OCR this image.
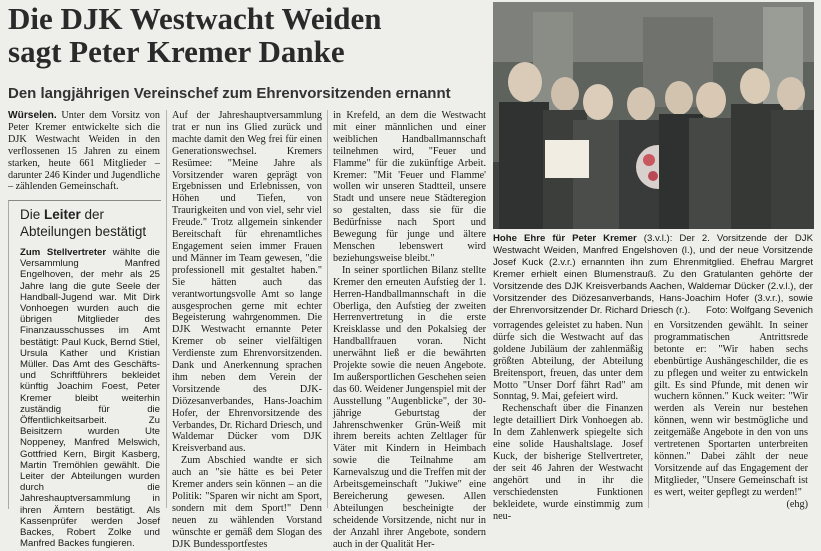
Die DJK Westwacht Weiden
sagt Peter Kremer Danke
Den langjährigen Vereinschef zum Ehrenvorsitzenden ernannt

Würselen. Unter dem Vorsitz von Peter Kremer entwickelte sich die DJK Westwacht Weiden in den verflossenen 15 Jahren zu einem starken, heute 661 Mitglieder – darunter 246 Kinder und Jugendliche – zählenden Gemeinschaft.

Die Leiter der Abteilungen bestätigt

Zum Stellvertreter wählte die Versammlung Manfred Engelhoven, der mehr als 25 Jahre lang die gute Seele der Handball-Jugend war. Mit Dirk Vonhoegen wurden auch die übrigen Mitglieder des Finanzausschusses im Amt bestätigt: Paul Kuck, Bernd Stiel, Ursula Kather und Kristian Müller. Das Amt des Geschäfts- und Schriftführers bekleidet künftig Joachim Foest, Peter Kremer bleibt weiterhin zuständig für die Öffentlichkeitsarbeit. Zu Beisitzern wurden Ute Noppeney, Manfred Melswich, Gottfried Kern, Birgit Kasberg, Martin Tremöhlen gewählt. Die Leiter der Abteilungen wurden durch die Jahreshauptversammlung in ihren Ämtern bestätigt. Als Kassenprüfer werden Josef Backes, Robert Zolke und Manfred Backes fungieren.

Auf der Jahreshauptversammlung trat er nun ins Glied zurück und machte damit den Weg frei für einen Generationswechsel. Kremers Resümee: "Meine Jahre als Vorsitzender waren geprägt von Ergebnissen und Erlebnissen, von Höhen und Tiefen, von Traurigkeiten und von viel, sehr viel Freude." Trotz allgemein sinkender Bereitschaft für ehrenamtliches Engagement seien immer Frauen und Männer im Team gewesen, "die professionell mit gestaltet haben." Sie hätten auch das verantwortungsvolle Amt so lange ausgesprochen gerne mit echter Begeisterung wahrgenommen. Die DJK Westwacht ernannte Peter Kremer ob seiner vielfältigen Verdienste zum Ehrenvorsitzenden. Dank und Anerkennung sprachen ihm neben dem Verein der Vorsitzende des DJK-Diözesanverbandes, Hans-Joachim Hofer, der Ehrenvorsitzende des Verbandes, Dr. Richard Driesch, und Waldemar Dücker vom DJK Kreisverband aus.

Zum Abschied wandte er sich auch an "sie hätte es bei Peter Kremer anders sein können – an die Politik: "Sparen wir nicht am Sport, sondern mit dem Sport!" Denn neuen zu wählenden Vorstand wünschte er gemäß dem Slogan des DJK Bundessportfestes

in Krefeld, an dem die Westwacht mit einer männlichen und einer weiblichen Handballmannschaft teilnehmen wird, "Feuer und Flamme" für die zukünftige Arbeit. Kremer: "Mit 'Feuer und Flamme' wollen wir unseren Stadtteil, unsere Stadt und unsere neue Städteregion so gestalten, dass sie für die Bedürfnisse nach Sport und Bewegung für junge und ältere Menschen lebenswert wird beziehungsweise bleibt."

In seiner sportlichen Bilanz stellte Kremer den erneuten Aufstieg der 1. Herren-Handballmannschaft in die Oberliga, den Aufstieg der zweiten Herrenvertretung in die erste Kreisklasse und den Pokalsieg der Handballfrauen voran. Nicht unerwähnt ließ er die bewährten Projekte sowie die neuen Angebote. Im außersportlichen Geschehen seien das 60. Weidener Jungenspiel mit der Ausstellung "Augenblicke", der 30-jährige Geburtstag der Jahrenschwenker Grün-Weiß mit ihrem bereits achten Zeltlager für Väter mit Kindern in Heimbach sowie die Teilnahme am Karnevalszug und die Treffen mit der Arbeitsgemeinschaft "Jukiwe" eine Bereicherung gewesen. Allen Abteilungen bescheinigte der scheidende Vorsitzende, nicht nur in der Anzahl ihrer Angebote, sondern auch in der Qualität Her-

Hohe Ehre für Peter Kremer (3.v.l.): Der 2. Vorsitzende der DJK Westwacht Weiden, Manfred Engelshoven (l.), und der neue Vorsitzende Josef Kuck (2.v.r.) ernannten ihn zum Ehrenmitglied. Ehefrau Margret Kremer erhielt einen Blumenstrauß. Zu den Gratulanten gehörte der Vorsitzende des DJK Kreisverbands Aachen, Waldemar Dücker (2.v.l.), der Vorsitzender des Diözesanverbands, Hans-Joachim Hofer (3.v.r.), sowie der Ehrenvorsitzender Dr. Richard Driesch (r.). Foto: Wolfgang Sevenich

vorragendes geleistet zu haben. Nun dürfe sich die Westwacht auf das goldene Jubiläum der zahlenmäßig größten Abteilung, der Abteilung Breitensport, freuen, das unter dem Motto "Unser Dorf fährt Rad" am Sonntag, 9. Mai, gefeiert wird.

Rechenschaft über die Finanzen legte detailliert Dirk Vonhoegen ab. In dem Zahlenwerk spiegelte sich eine solide Haushaltslage. Josef Kuck, der bisherige Stellvertreter, der seit 46 Jahren der Westwacht angehört und in ihr die verschiedensten Funktionen bekleidete, wurde einstimmig zum neu-

en Vorsitzenden gewählt. In seiner programmatischen Antrittsrede betonte er: "Wir haben sechs ebenbürtige Aushängeschilder, die es zu pflegen und weiter zu entwickeln gilt. Es sind Pfunde, mit denen wir wuchern können." Kuck weiter: "Wir werden als Verein nur bestehen können, wenn wir bestmögliche und zeitgemäße Angebote in den von uns vertretenen Sportarten unterbreiten können." Dabei zählt der neue Vorsitzende auf das Engagement der Mitglieder, "Unsere Gemeinschaft ist es wert, weiter gepflegt zu werden!"

(ehg)
